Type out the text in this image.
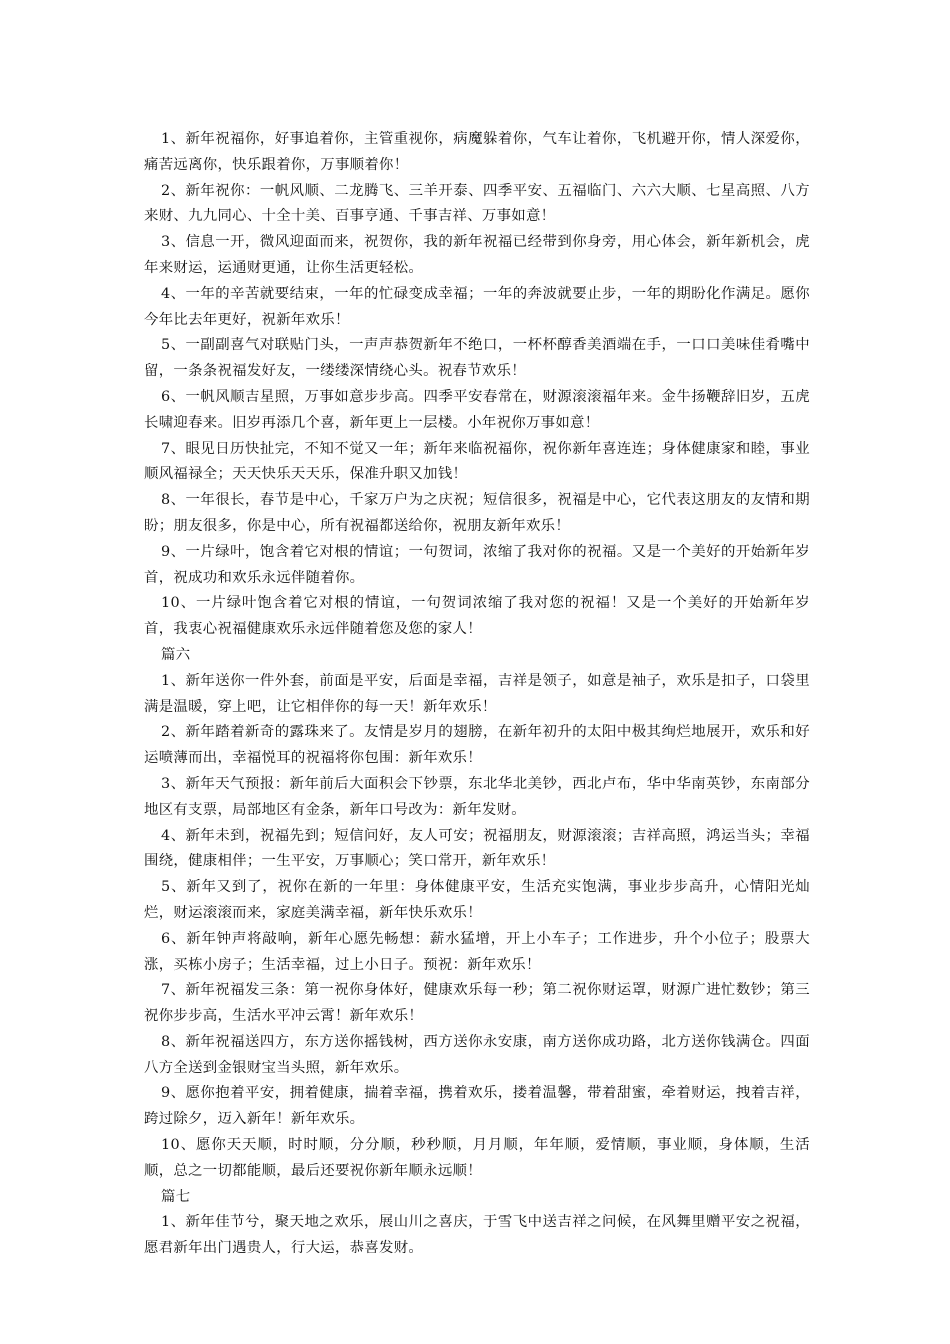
1、新年祝福你，好事追着你，主管重视你，病魔躲着你，气车让着你，飞机避开你，情人深爱你，痛苦远离你，快乐跟着你，万事顺着你！

2、新年祝你：一帆风顺、二龙腾飞、三羊开泰、四季平安、五福临门、六六大顺、七星高照、八方来财、九九同心、十全十美、百事亨通、千事吉祥、万事如意！

3、信息一开，微风迎面而来，祝贺你，我的新年祝福已经带到你身旁，用心体会，新年新机会，虎年来财运，运通财更通，让你生活更轻松。

4、一年的辛苦就要结束，一年的忙碌变成幸福；一年的奔波就要止步，一年的期盼化作满足。愿你今年比去年更好，祝新年欢乐！

5、一副副喜气对联贴门头，一声声恭贺新年不绝口，一杯杯醇香美酒端在手，一口口美味佳肴嘴中留，一条条祝福发好友，一缕缕深情绕心头。祝春节欢乐！

6、一帆风顺吉星照，万事如意步步高。四季平安春常在，财源滚滚福年来。金牛扬鞭辞旧岁，五虎长啸迎春来。旧岁再添几个喜，新年更上一层楼。小年祝你万事如意！

7、眼见日历快扯完，不知不觉又一年；新年来临祝福你，祝你新年喜连连；身体健康家和睦，事业顺风福禄全；天天快乐天天乐，保准升职又加钱！

8、一年很长，春节是中心，千家万户为之庆祝；短信很多，祝福是中心，它代表这朋友的友情和期盼；朋友很多，你是中心，所有祝福都送给你，祝朋友新年欢乐！

9、一片绿叶，饱含着它对根的情谊；一句贺词，浓缩了我对你的祝福。又是一个美好的开始新年岁首，祝成功和欢乐永远伴随着你。

10、一片绿叶饱含着它对根的情谊，一句贺词浓缩了我对您的祝福！又是一个美好的开始新年岁首，我衷心祝福健康欢乐永远伴随着您及您的家人！

篇六

1、新年送你一件外套，前面是平安，后面是幸福，吉祥是领子，如意是袖子，欢乐是扣子，口袋里满是温暖，穿上吧，让它相伴你的每一天！新年欢乐！

2、新年踏着新奇的露珠来了。友情是岁月的翅膀，在新年初升的太阳中极其绚烂地展开，欢乐和好运喷薄而出，幸福悦耳的祝福将你包围：新年欢乐！

3、新年天气预报：新年前后大面积会下钞票，东北华北美钞，西北卢布，华中华南英钞，东南部分地区有支票，局部地区有金条，新年口号改为：新年发财。

4、新年未到，祝福先到；短信问好，友人可安；祝福朋友，财源滚滚；吉祥高照，鸿运当头；幸福围绕，健康相伴；一生平安，万事顺心；笑口常开，新年欢乐！

5、新年又到了，祝你在新的一年里：身体健康平安，生活充实饱满，事业步步高升，心情阳光灿烂，财运滚滚而来，家庭美满幸福，新年快乐欢乐！

6、新年钟声将敲响，新年心愿先畅想：薪水猛增，开上小车子；工作进步，升个小位子；股票大涨，买栋小房子；生活幸福，过上小日子。预祝：新年欢乐！

7、新年祝福发三条：第一祝你身体好，健康欢乐每一秒；第二祝你财运罩，财源广进忙数钞；第三祝你步步高，生活水平冲云霄！新年欢乐！

8、新年祝福送四方，东方送你摇钱树，西方送你永安康，南方送你成功路，北方送你钱满仓。四面八方全送到金银财宝当头照，新年欢乐。

9、愿你抱着平安，拥着健康，揣着幸福，携着欢乐，搂着温馨，带着甜蜜，牵着财运，拽着吉祥，跨过除夕，迈入新年！新年欢乐。

10、愿你天天顺，时时顺，分分顺，秒秒顺，月月顺，年年顺，爱情顺，事业顺，身体顺，生活顺，总之一切都能顺，最后还要祝你新年顺永远顺！

篇七

1、新年佳节兮，聚天地之欢乐，展山川之喜庆，于雪飞中送吉祥之问候，在风舞里赠平安之祝福，愿君新年出门遇贵人，行大运，恭喜发财。
